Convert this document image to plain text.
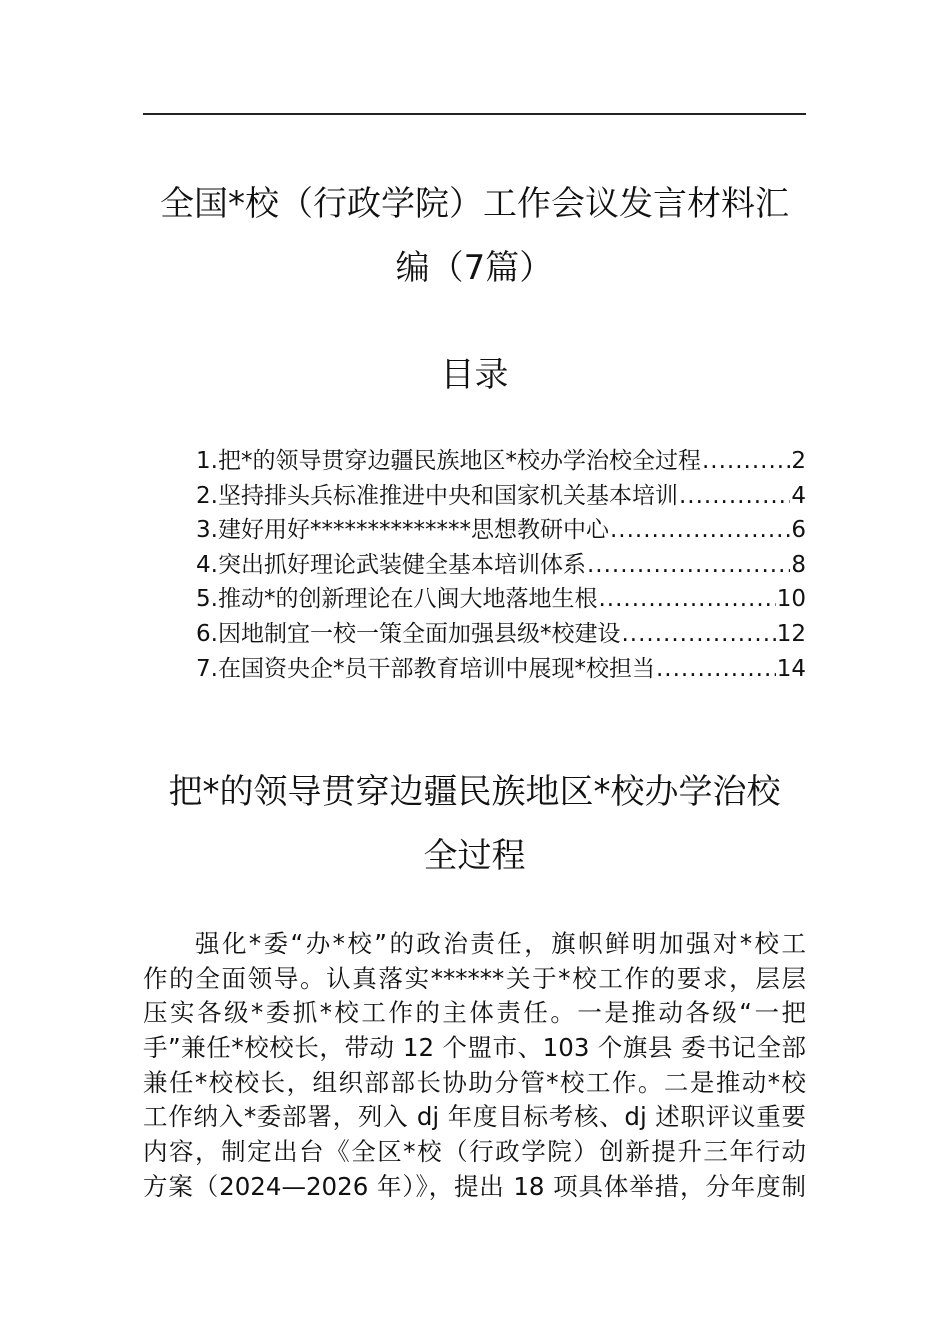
全国*校（行政学院）工作会议发言材料汇
编（7篇）
目录
1.把*的领导贯穿边疆民族地区*校办学治校全过程 .....	2
2.坚持排头兵标准推进中央和国家机关基本培训 .....	4
3.建好用好**************思想教研中心 .....	6
4.突出抓好理论武装健全基本培训体系 .....	8
5.推动*的创新理论在八闽大地落地生根 .....	10
6.因地制宜一校一策全面加强县级*校建设 .....	12
7.在国资央企*员干部教育培训中展现*校担当 .....	14
把*的领导贯穿边疆民族地区*校办学治校
全过程
强化*委“办*校”的政治责任，旗帜鲜明加强对*校工
作的全面领导。认真落实******关于*校工作的要求，层层
压实各级*委抓*校工作的主体责任。一是推动各级“一把
手”兼任*校校长，带动 12 个盟市、103 个旗县 委书记全部
兼任*校校长，组织部部长协助分管*校工作。二是推动*校
工作纳入*委部署，列入 dj 年度目标考核、dj 述职评议重要
内容，制定出台《全区*校（行政学院）创新提升三年行动
方案（2024—2026 年）》，提出 18 项具体举措，分年度制
